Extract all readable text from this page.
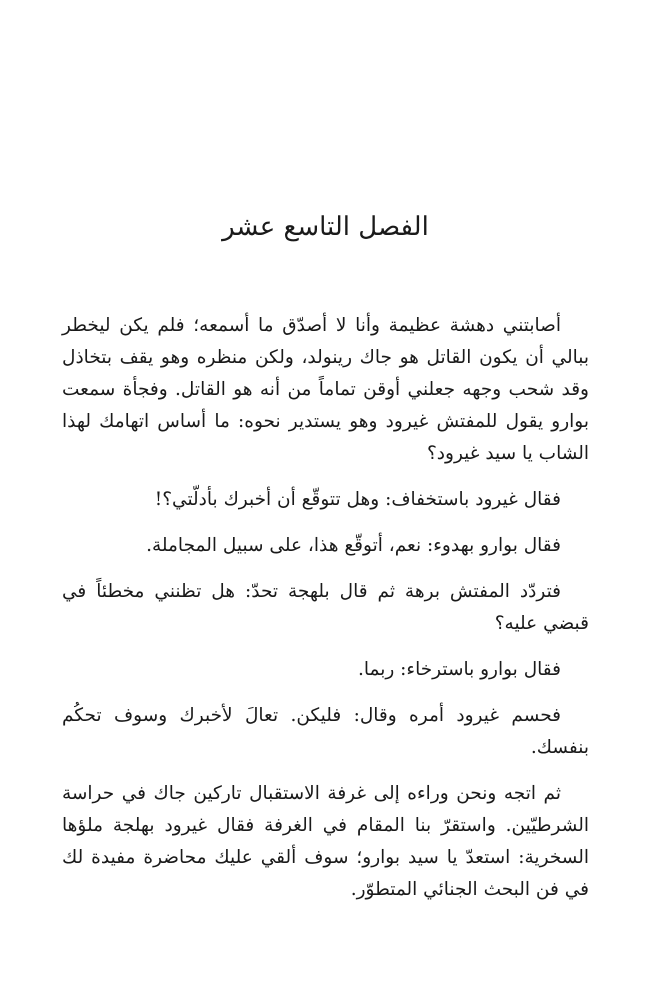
الفصل التاسع عشر

أصابتني دهشة عظيمة وأنا لا أصدّق ما أسمعه؛ فلم يكن ليخطر ببالي أن يكون القاتل هو جاك رينولد، ولكن منظره وهو يقف بتخاذل وقد شحب وجهه جعلني أوقن تماماً من أنه هو القاتل. وفجأة سمعت بوارو يقول للمفتش غيرود وهو يستدير نحوه: ما أساس اتهامك لهذا الشاب يا سيد غيرود؟

فقال غيرود باستخفاف: وهل تتوقّع أن أخبرك بأدلّتي؟!

فقال بوارو بهدوء: نعم، أتوقّع هذا، على سبيل المجاملة.

فتردّد المفتش برهة ثم قال بلهجة تحدّ: هل تظنني مخطئاً في قبضي عليه؟

فقال بوارو باسترخاء: ربما.

فحسم غيرود أمره وقال: فليكن. تعالَ لأخبرك وسوف تحكُم بنفسك.

ثم اتجه ونحن وراءه إلى غرفة الاستقبال تاركين جاك في حراسة الشرطيّين. واستقرّ بنا المقام في الغرفة فقال غيرود بهلجة ملؤها السخرية: استعدّ يا سيد بوارو؛ سوف ألقي عليك محاضرة مفيدة لك في فن البحث الجنائي المتطوّر.
